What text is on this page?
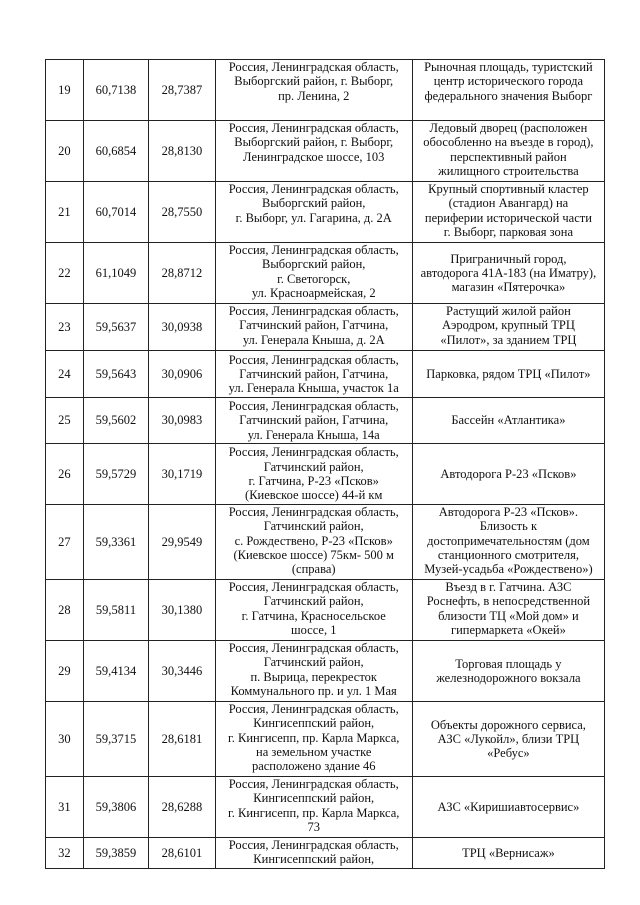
19	60,7138	28,7387	Россия, Ленинградская область,
Выборгский район, г. Выборг,
пр. Ленина, 2	Рыночная площадь, туристский
центр исторического города
федерального значения Выборг
20	60,6854	28,8130	Россия, Ленинградская область,
Выборгский район, г. Выборг,
Ленинградское шоссе, 103	Ледовый дворец (расположен
обособленно на въезде в город),
перспективный район
жилищного строительства
21	60,7014	28,7550	Россия, Ленинградская область,
Выборгский район,
г. Выборг, ул. Гагарина, д. 2А	Крупный спортивный кластер
(стадион Авангард) на
периферии исторической части
г. Выборг, парковая зона
22	61,1049	28,8712	Россия, Ленинградская область,
Выборгский район,
г. Светогорск,
ул. Красноармейская, 2	Приграничный город,
автодорога 41А-183 (на Иматру),
магазин «Пятерочка»
23	59,5637	30,0938	Россия, Ленинградская область,
Гатчинский район, Гатчина,
ул. Генерала Кныша, д. 2А	Растущий жилой район
Аэродром, крупный ТРЦ
«Пилот», за зданием ТРЦ
24	59,5643	30,0906	Россия, Ленинградская область,
Гатчинский район, Гатчина,
ул. Генерала Кныша, участок 1а	Парковка, рядом ТРЦ «Пилот»
25	59,5602	30,0983	Россия, Ленинградская область,
Гатчинский район, Гатчина,
ул. Генерала Кныша, 14а	Бассейн «Атлантика»
26	59,5729	30,1719	Россия, Ленинградская область,
Гатчинский район,
г. Гатчина, Р-23 «Псков»
(Киевское шоссе) 44-й км	Автодорога Р-23 «Псков»
27	59,3361	29,9549	Россия, Ленинградская область,
Гатчинский район,
с. Рождествено, Р-23 «Псков»
(Киевское шоссе) 75км- 500 м
(справа)	Автодорога Р-23 «Псков».
Близость к
достопримечательностям (дом
станционного смотрителя,
Музей-усадьба «Рождествено»)
28	59,5811	30,1380	Россия, Ленинградская область,
Гатчинский район,
г. Гатчина, Красносельское
шоссе, 1	Въезд в г. Гатчина. АЗС
Роснефть, в непосредственной
близости ТЦ «Мой дом» и
гипермаркета «Окей»
29	59,4134	30,3446	Россия, Ленинградская область,
Гатчинский район,
п. Вырица, перекресток
Коммунального пр. и ул. 1 Мая	Торговая площадь у
железнодорожного вокзала
30	59,3715	28,6181	Россия, Ленинградская область,
Кингисеппский район,
г. Кингисепп, пр. Карла Маркса,
на земельном участке
расположено здание 46	Объекты дорожного сервиса,
АЗС «Лукойл», близи ТРЦ
«Ребус»
31	59,3806	28,6288	Россия, Ленинградская область,
Кингисеппский район,
г. Кингисепп, пр. Карла Маркса,
73	АЗС «Киришиавтосервис»
32	59,3859	28,6101	Россия, Ленинградская область,
Кингисеппский район,	ТРЦ «Вернисаж»
